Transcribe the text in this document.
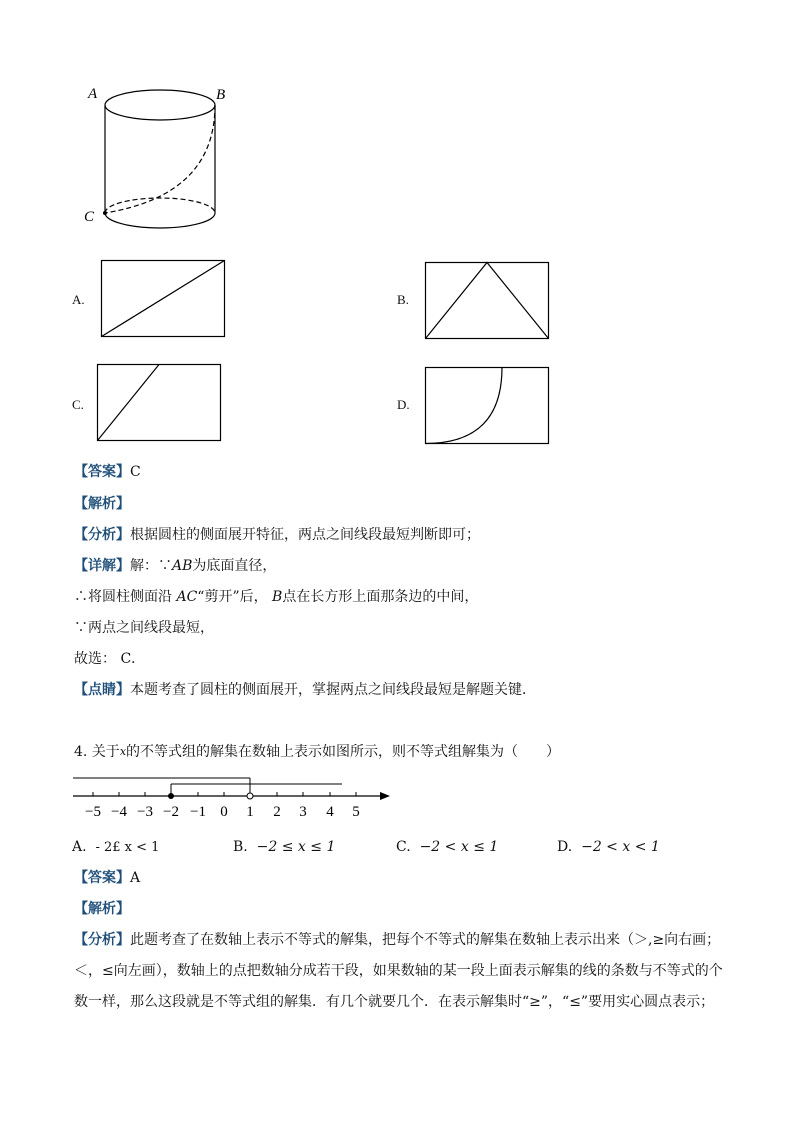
A	B
C
A.	B.
C.	D.
【答案】C
【解析】
【分析】根据圆柱的侧面展开特征，两点之间线段最短判断即可；
【详解】解：∵AB为底面直径，
∴将圆柱侧面沿 AC“剪开”后， B点在长方形上面那条边的中间，
∵两点之间线段最短，
故选： C．
【点睛】本题考查了圆柱的侧面展开，掌握两点之间线段最短是解题关键．
4. 关于$^x$的不等式组的解集在数轴上表示如图所示，则不等式组解集为（　　）
−5 −4 −3 −2 −1 0 1 2 3 4 5
A. - 2£ x < 1	B. −2 ≤ x ≤ 1	C. −2 < x ≤ 1	D. −2 < x < 1
【答案】A
【解析】
【分析】此题考查了在数轴上表示不等式的解集，把每个不等式的解集在数轴上表示出来（＞,≥向右画；
＜，≤向左画），数轴上的点把数轴分成若干段，如果数轴的某一段上面表示解集的线的条数与不等式的个
数一样，那么这段就是不等式组的解集．有几个就要几个．在表示解集时“≥”，“≤”要用实心圆点表示；
